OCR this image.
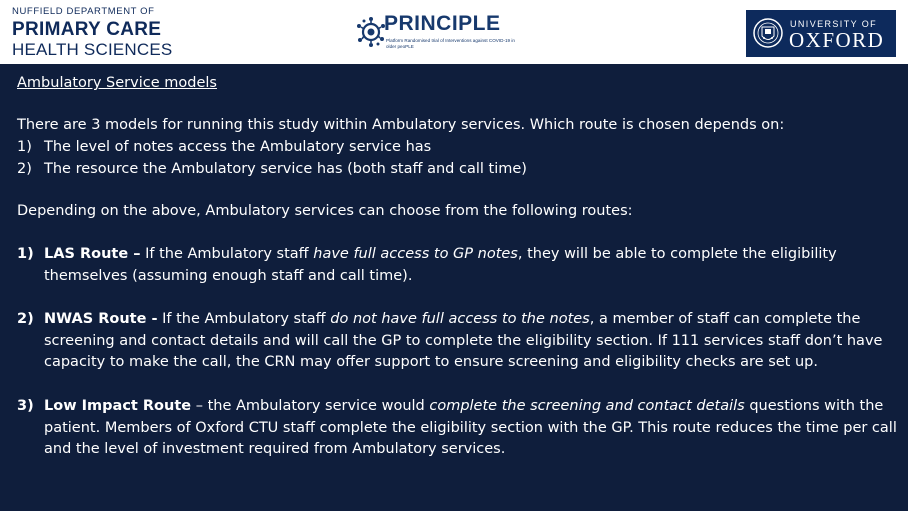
NUFFIELD DEPARTMENT OF
PRIMARY CARE
HEALTH SCIENCES
PRINCIPLE
Platform Randomised trial of Interventions against COVID-19 in older peoPLE
UNIVERSITY OF
OXFORD

Ambulatory Service models

There are 3 models for running this study within Ambulatory services. Which route is chosen depends on:

1) The level of notes access the Ambulatory service has
2) The resource the Ambulatory service has (both staff and call time)

Depending on the above, Ambulatory services can choose from the following routes:

1) LAS Route – If the Ambulatory staff have full access to GP notes, they will be able to complete the eligibility themselves (assuming enough staff and call time).
2) NWAS Route - If the Ambulatory staff do not have full access to the notes, a member of staff can complete the screening and contact details and will call the GP to complete the eligibility section. If 111 services staff don’t have capacity to make the call, the CRN may offer support to ensure screening and eligibility checks are set up.
3) Low Impact Route – the Ambulatory service would complete the screening and contact details questions with the patient. Members of Oxford CTU staff complete the eligibility section with the GP. This route reduces the time per call and the level of investment required from Ambulatory services.
